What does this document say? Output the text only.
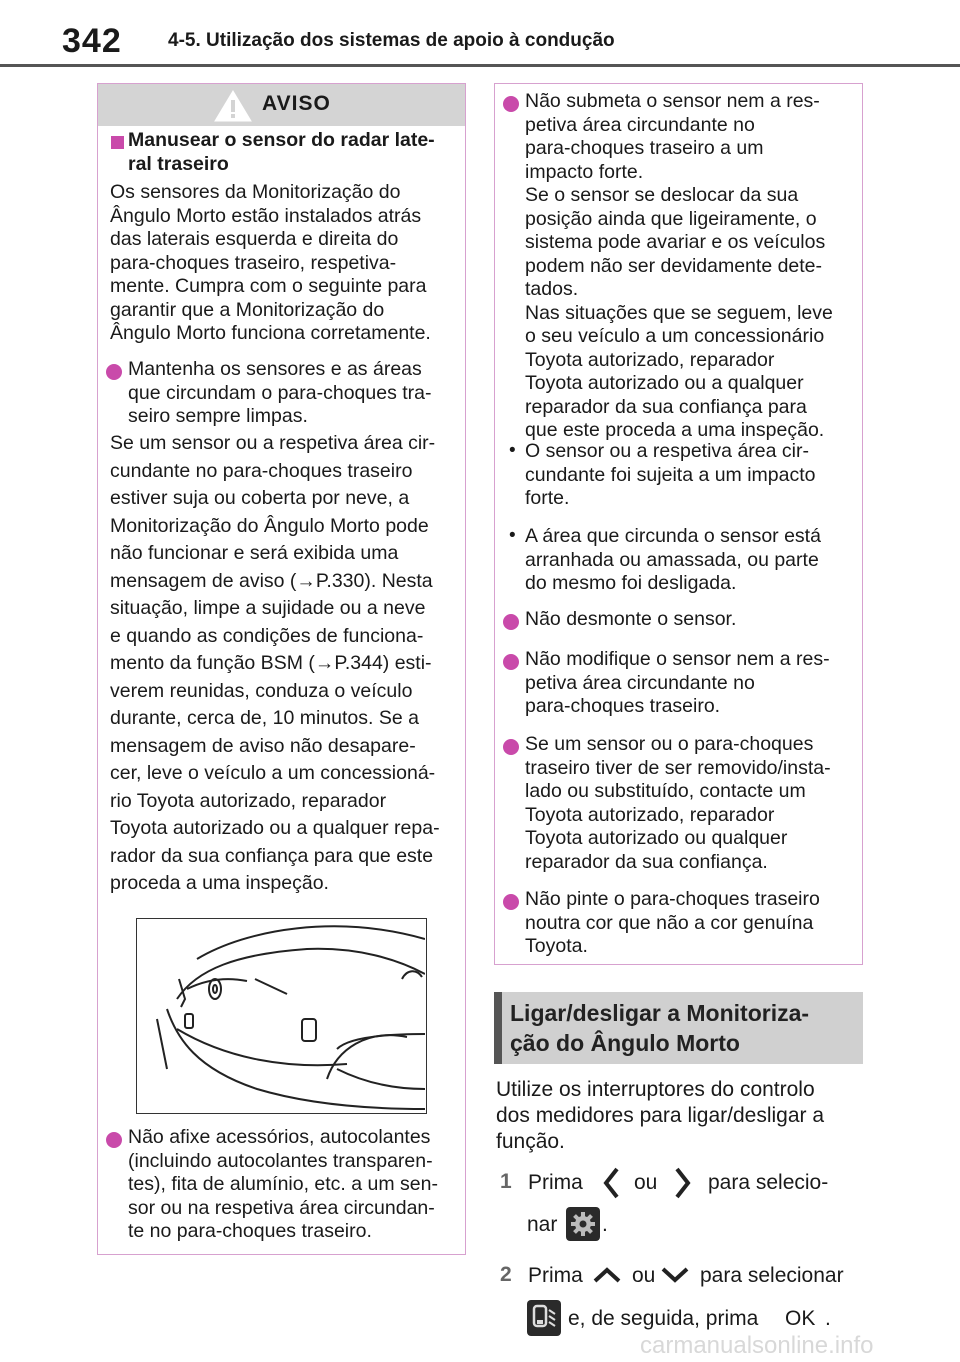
342 4-5. Utilização dos sistemas de apoio à condução
AVISO
Manusear o sensor do radar late-
ral traseiro
Os sensores da Monitorização do
Ângulo Morto estão instalados atrás
das laterais esquerda e direita do
para-choques traseiro, respetiva-
mente. Cumpra com o seguinte para
garantir que a Monitorização do
Ângulo Morto funciona corretamente.
Mantenha os sensores e as áreas
que circundam o para-choques tra-
seiro sempre limpas.
Se um sensor ou a respetiva área cir-
cundante no para-choques traseiro
estiver suja ou coberta por neve, a
Monitorização do Ângulo Morto pode
não funcionar e será exibida uma
mensagem de aviso (→P.330). Nesta
situação, limpe a sujidade ou a neve
e quando as condições de funciona-
mento da função BSM (→P.344) esti-
verem reunidas, conduza o veículo
durante, cerca de, 10 minutos. Se a
mensagem de aviso não desapare-
cer, leve o veículo a um concessioná-
rio Toyota autorizado, reparador
Toyota autorizado ou a qualquer repa-
rador da sua confiança para que este
proceda a uma inspeção.
Não afixe acessórios, autocolantes
(incluindo autocolantes transparen-
tes), fita de alumínio, etc. a um sen-
sor ou na respetiva área circundan-
te no para-choques traseiro.
Não submeta o sensor nem a res-
petiva área circundante no
para-choques traseiro a um
impacto forte.
Se o sensor se deslocar da sua
posição ainda que ligeiramente, o
sistema pode avariar e os veículos
podem não ser devidamente dete-
tados.
Nas situações que se seguem, leve
o seu veículo a um concessionário
Toyota autorizado, reparador
Toyota autorizado ou a qualquer
reparador da sua confiança para
que este proceda a uma inspeção.
• O sensor ou a respetiva área cir-
cundante foi sujeita a um impacto
forte.
• A área que circunda o sensor está
arranhada ou amassada, ou parte
do mesmo foi desligada.
Não desmonte o sensor.
Não modifique o sensor nem a res-
petiva área circundante no
para-choques traseiro.
Se um sensor ou o para-choques
traseiro tiver de ser removido/insta-
lado ou substituído, contacte um
Toyota autorizado, reparador
Toyota autorizado ou qualquer
reparador da sua confiança.
Não pinte o para-choques traseiro
noutra cor que não a cor genuína
Toyota.
Ligar/desligar a Monitoriza-
ção do Ângulo Morto
Utilize os interruptores do controlo
dos medidores para ligar/desligar a
função.
1 Prima ou para selecio-
nar .
2 Prima ou para selecionar
e, de seguida, prima OK .
carmanualsonline.info
